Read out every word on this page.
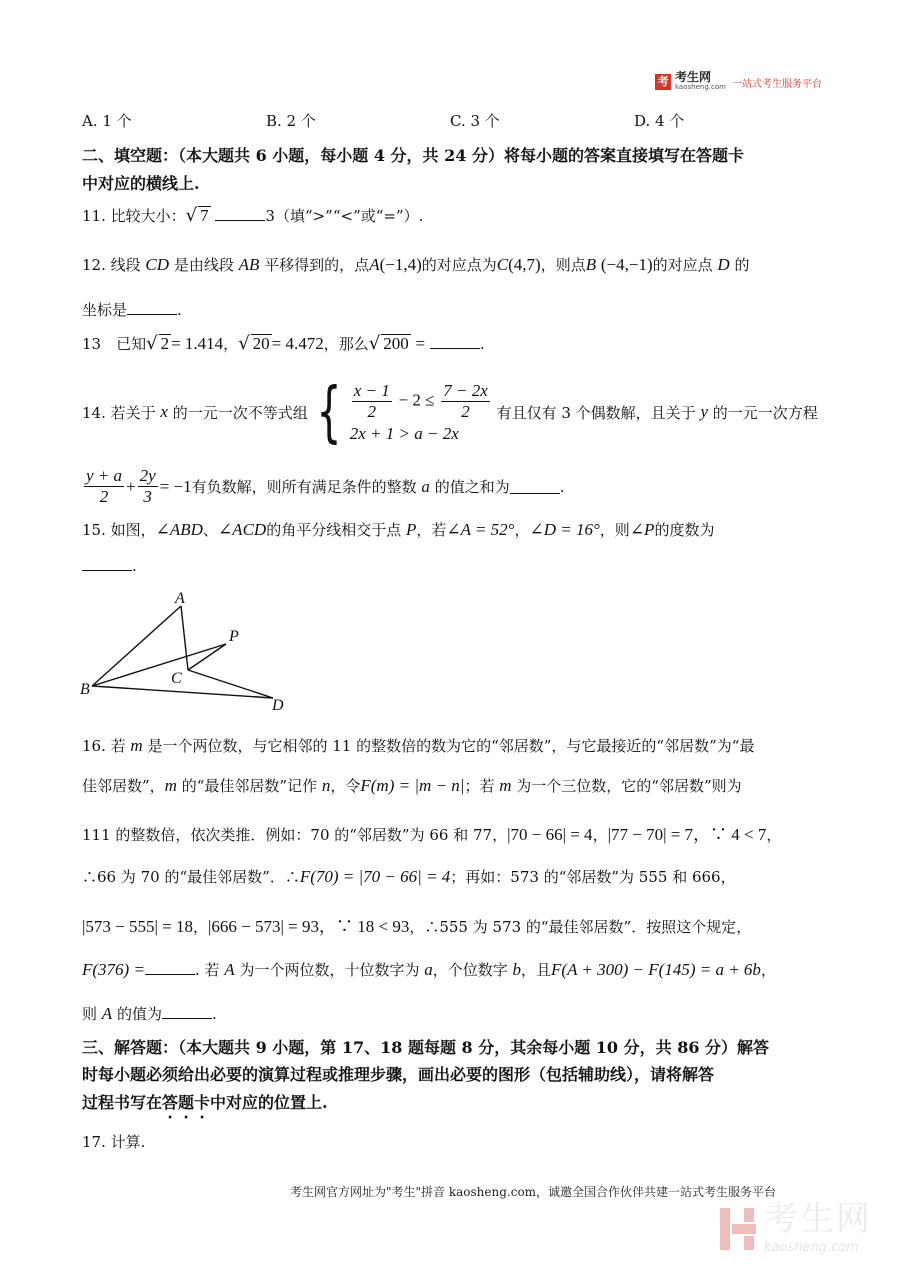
考 考生网
kaosheng.com 一站式考生服务平台
A. 1 个	B. 2 个	C. 3 个	D. 4 个
二、填空题：（本大题共 6 小题，每小题 4 分，共 24 分）将每小题的答案直接填写在答题卡
中对应的横线上.
11. 比较大小：√ 7	3（填“>”“<”或“=”）.
12. 线段 CD 是由线段 AB 平移得到的，点A(−1,4)的对应点为C(4,7)，则点B (−4,−1)的对应点 D 的
坐标是	.
13　已知√ 2 = 1.414，√ 20 = 4.472，那么√ 200 =	.
14. 若关于
x
的一元一次不等式组 { $\frac{x - 1}{2} - 2 \le \frac{7 - 2x}{2}$
2x + 1 > a − 2x

有且仅有 3 个偶数解，且关于
y
的一元一次方程
$\frac{y + a}{2} + \frac{2y}{3} = -1$ 有负数解，则所有满足条件的整数
a
的值之和为	.
15. 如图，∠ABD、∠ACD的角平分线相交于点 P，若∠A = 52°，∠D = 16°，则∠P的度数为
.
A
P
C
B
D
16. 若 m 是一个两位数，与它相邻的 11 的整数倍的数为它的“邻居数”，与它最接近的“邻居数”为“最
佳邻居数”，m 的“最佳邻居数”记作 n，令F(m) = |m − n|；若 m 为一个三位数，它的“邻居数”则为
111 的整数倍，依次类推．例如：70 的“邻居数”为 66 和 77，|70 − 66| = 4，|77 − 70| = 7，∵ 4 < 7，
∴66 为 70 的“最佳邻居数”．∴F(70) = |70 − 66| = 4；再如：573 的“邻居数”为 555 和 666，
|573 − 555| = 18，|666 − 573| = 93，∵ 18 < 93，∴555 为 573 的“最佳邻居数”．按照这个规定，
F(376) =	. 若 A 为一个两位数，十位数字为 a，个位数字 b，且F(A + 300) − F(145) = a + 6b，
则 A 的值为	.
三、解答题：（本大题共 9 小题，第 17、18 题每题 8 分，其余每小题 10 分，共 86 分）解答
时每小题必须给出必要的演算过程或推理步骤，画出必要的图形（包括辅助线），请将解答
过程书写在答题卡中对应的位置上.
17. 计算.
考生网官方网址为"考生"拼音 kaosheng.com，诚邀全国合作伙伴共建一站式考生服务平台
考生网
kaosheng.com
